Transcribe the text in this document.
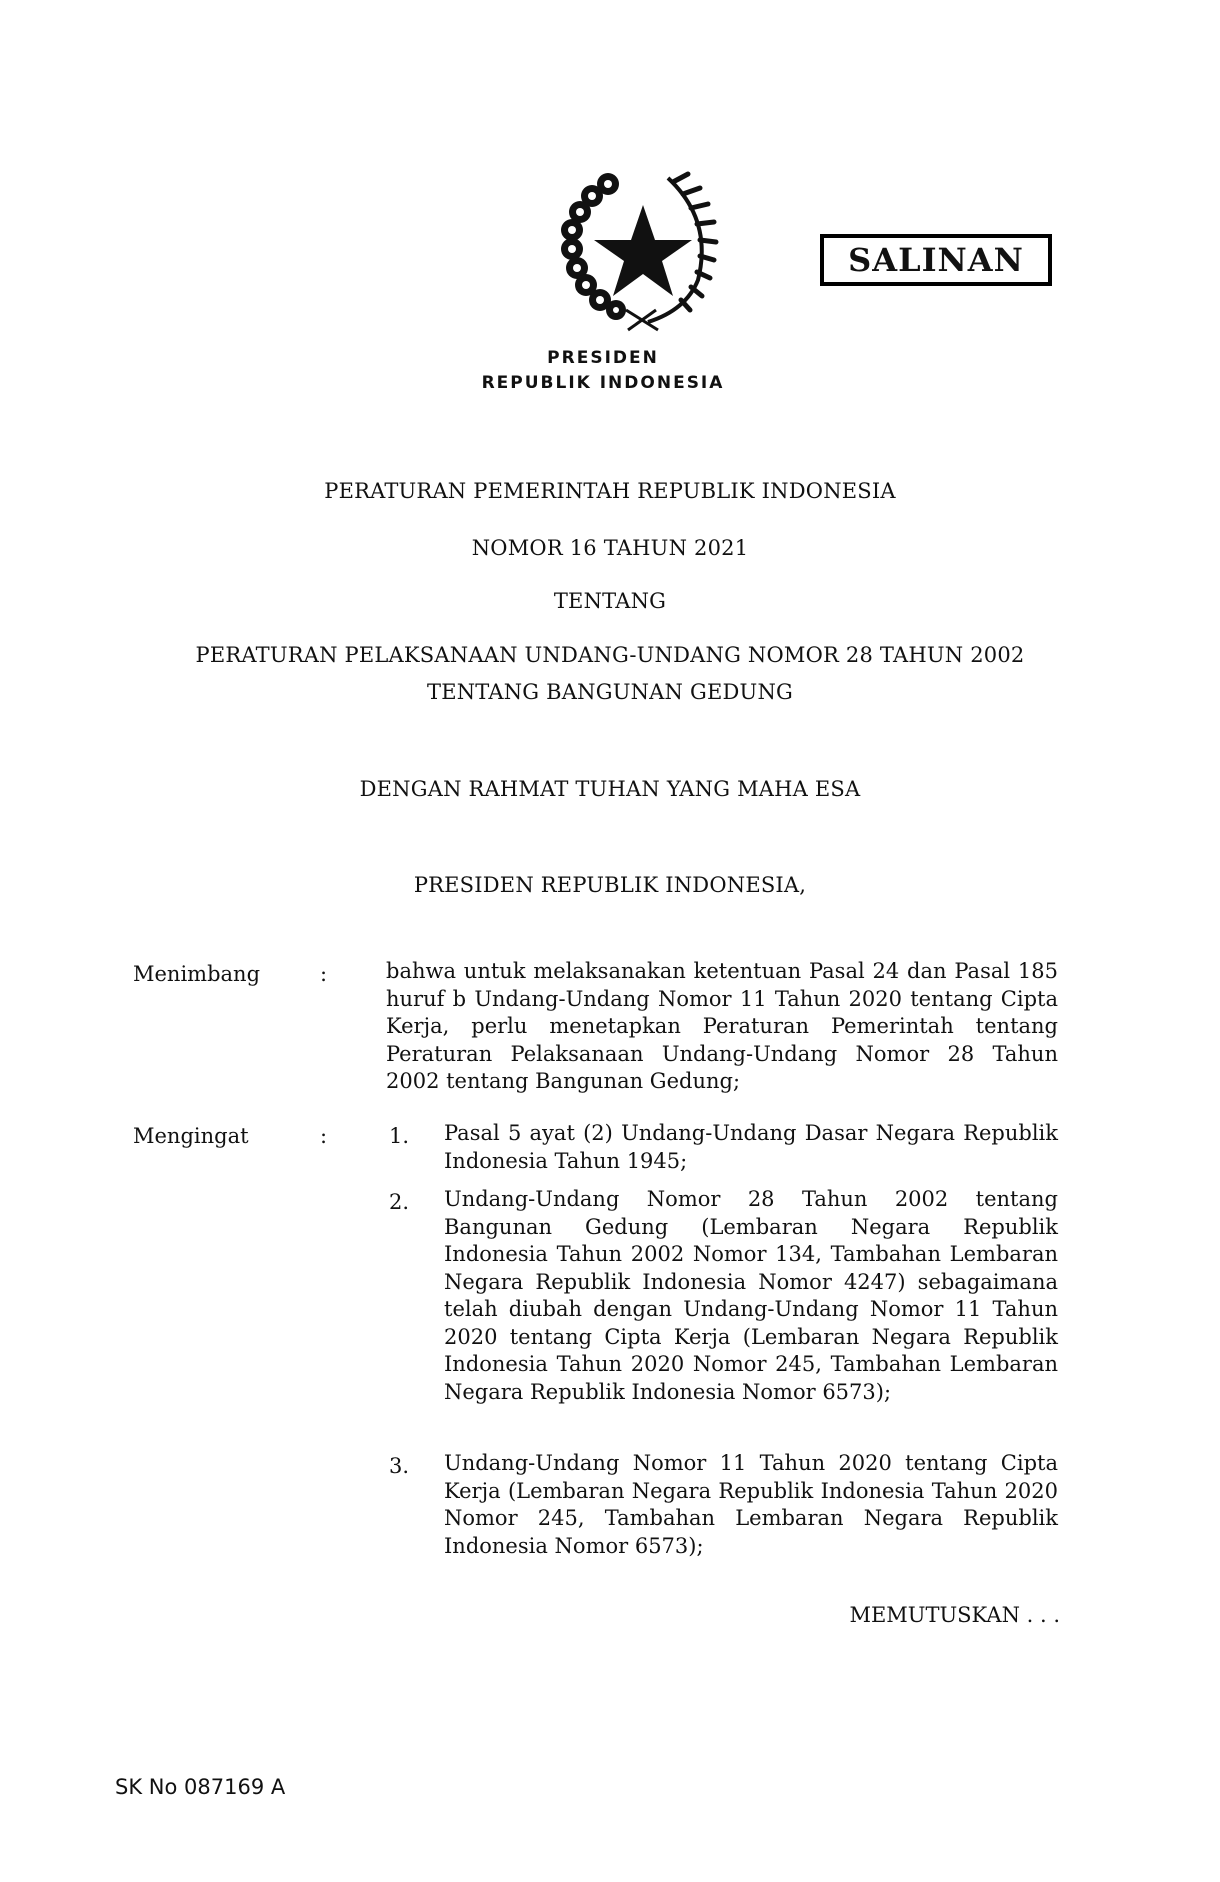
PRESIDEN
REPUBLIK INDONESIA
SALINAN
PERATURAN PEMERINTAH REPUBLIK INDONESIA
NOMOR 16 TAHUN 2021
TENTANG
PERATURAN PELAKSANAAN UNDANG-UNDANG NOMOR 28 TAHUN 2002
TENTANG BANGUNAN GEDUNG
DENGAN RAHMAT TUHAN YANG MAHA ESA
PRESIDEN REPUBLIK INDONESIA,
Menimbang	:	bahwa untuk melaksanakan ketentuan Pasal 24 dan Pasal 185 huruf b Undang-Undang Nomor 11 Tahun 2020 tentang Cipta Kerja, perlu menetapkan Peraturan Pemerintah tentang Peraturan Pelaksanaan Undang-Undang Nomor 28 Tahun 2002 tentang Bangunan Gedung;
Mengingat	:	1. Pasal 5 ayat (2) Undang-Undang Dasar Negara Republik Indonesia Tahun 1945;
2. Undang-Undang Nomor 28 Tahun 2002 tentang Bangunan Gedung (Lembaran Negara Republik Indonesia Tahun 2002 Nomor 134, Tambahan Lembaran Negara Republik Indonesia Nomor 4247) sebagaimana telah diubah dengan Undang-Undang Nomor 11 Tahun 2020 tentang Cipta Kerja (Lembaran Negara Republik Indonesia Tahun 2020 Nomor 245, Tambahan Lembaran Negara Republik Indonesia Nomor 6573);
3. Undang-Undang Nomor 11 Tahun 2020 tentang Cipta Kerja (Lembaran Negara Republik Indonesia Tahun 2020 Nomor 245, Tambahan Lembaran Negara Republik Indonesia Nomor 6573);
MEMUTUSKAN . . .
SK No 087169 A
